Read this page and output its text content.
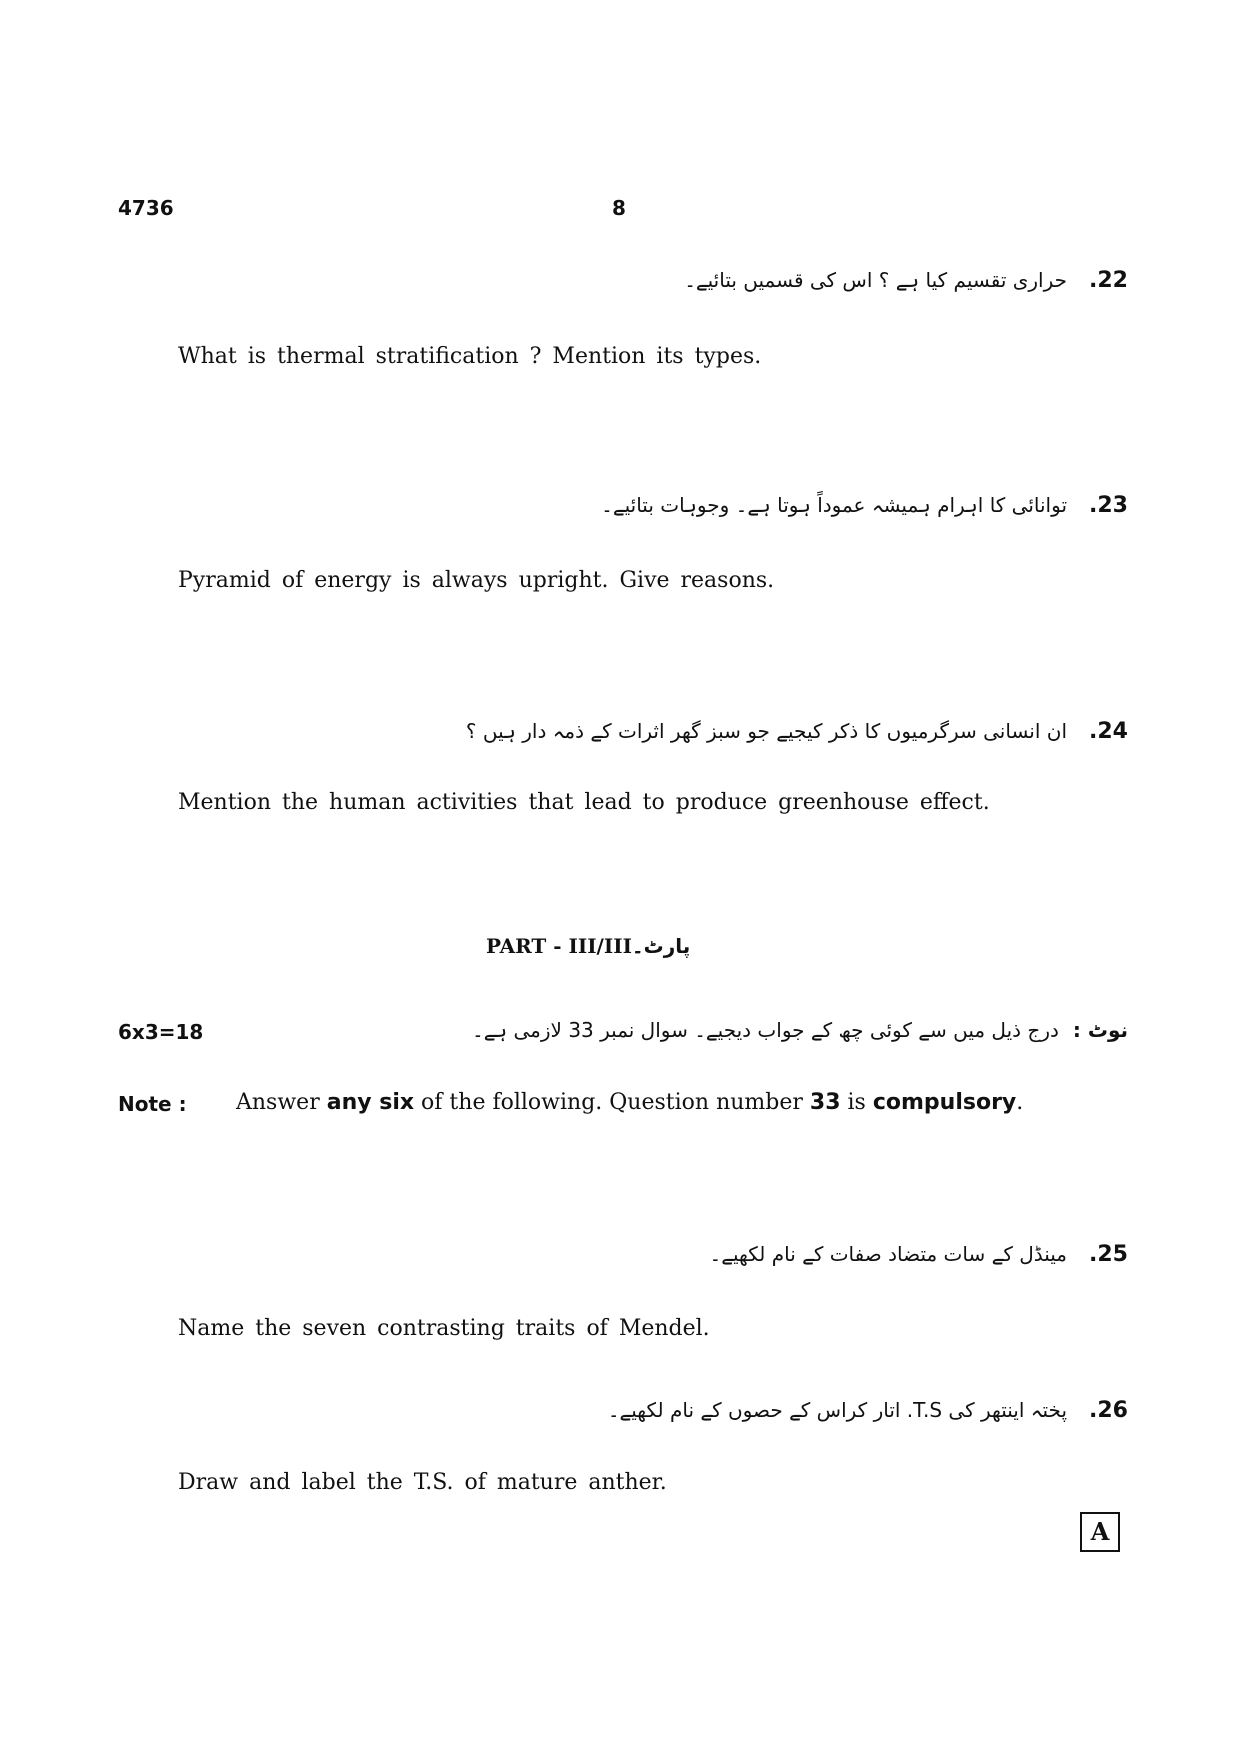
4736	8
.22حراری تقسیم کیا ہے ؟ اس کی قسمیں بتائیے۔
What is thermal stratification ? Mention its types.
.23توانائی کا اہرام ہمیشہ عموداً ہوتا ہے۔ وجوہات بتائیے۔
Pyramid of energy is always upright. Give reasons.
.24ان انسانی سرگرمیوں کا ذکر کیجیے جو سبز گھر اثرات کے ذمہ دار ہیں ؟
Mention the human activities that lead to produce greenhouse effect.
PART - III/IIIپارٹ۔
6x3=18	نوٹ :درج ذیل میں سے کوئی چھ کے جواب دیجیے۔ سوال نمبر 33 لازمی ہے۔
Note : Answer any six of the following. Question number 33 is compulsory.
.25مینڈل کے سات متضاد صفات کے نام لکھیے۔
Name the seven contrasting traits of Mendel.
.26پختہ اینتھر کی T.S. اتار کراس کے حصوں کے نام لکھیے۔
Draw and label the T.S. of mature anther.
A
